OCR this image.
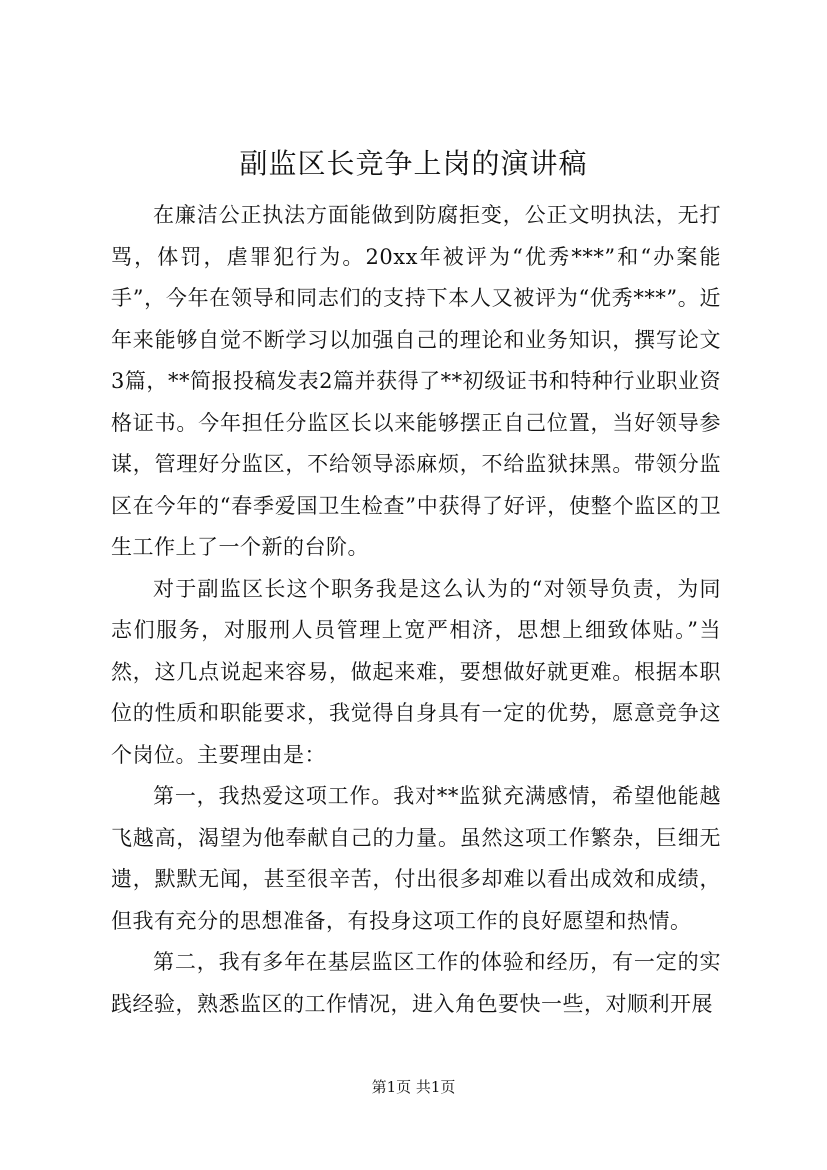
副监区长竞争上岗的演讲稿

在廉洁公正执法方面能做到防腐拒变，公正文明执法，无打骂，体罚，虐罪犯行为。20xx年被评为“优秀***”和“办案能手”，今年在领导和同志们的支持下本人又被评为“优秀***”。近年来能够自觉不断学习以加强自己的理论和业务知识，撰写论文3篇，**简报投稿发表2篇并获得了**初级证书和特种行业职业资格证书。今年担任分监区长以来能够摆正自己位置，当好领导参谋，管理好分监区，不给领导添麻烦，不给监狱抹黑。带领分监区在今年的“春季爱国卫生检查”中获得了好评，使整个监区的卫生工作上了一个新的台阶。

对于副监区长这个职务我是这么认为的“对领导负责，为同志们服务，对服刑人员管理上宽严相济，思想上细致体贴。”当然，这几点说起来容易，做起来难，要想做好就更难。根据本职位的性质和职能要求，我觉得自身具有一定的优势，愿意竞争这个岗位。主要理由是：

第一，我热爱这项工作。我对**监狱充满感情，希望他能越飞越高，渴望为他奉献自己的力量。虽然这项工作繁杂，巨细无遗，默默无闻，甚至很辛苦，付出很多却难以看出成效和成绩，但我有充分的思想准备，有投身这项工作的良好愿望和热情。

第二，我有多年在基层监区工作的体验和经历，有一定的实践经验，熟悉监区的工作情况，进入角色要快一些，对顺利开展

第1页 共1页
